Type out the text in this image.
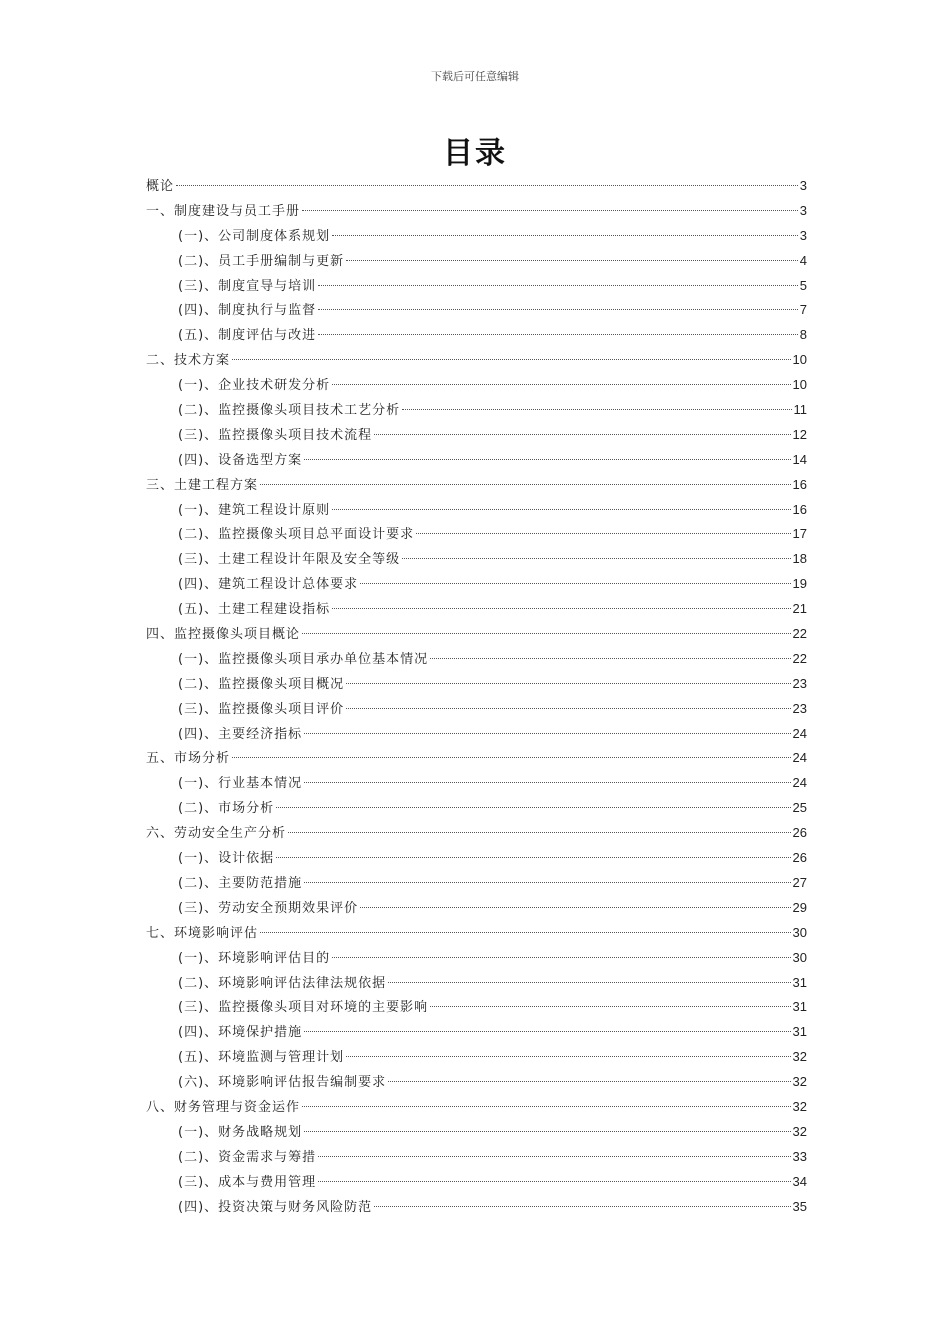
下载后可任意编辑
目录
概论	3
一、制度建设与员工手册	3
(一)、公司制度体系规划	3
(二)、员工手册编制与更新	4
(三)、制度宣导与培训	5
(四)、制度执行与监督	7
(五)、制度评估与改进	8
二、技术方案	10
(一)、企业技术研发分析	10
(二)、监控摄像头项目技术工艺分析	11
(三)、监控摄像头项目技术流程	12
(四)、设备选型方案	14
三、土建工程方案	16
(一)、建筑工程设计原则	16
(二)、监控摄像头项目总平面设计要求	17
(三)、土建工程设计年限及安全等级	18
(四)、建筑工程设计总体要求	19
(五)、土建工程建设指标	21
四、监控摄像头项目概论	22
(一)、监控摄像头项目承办单位基本情况	22
(二)、监控摄像头项目概况	23
(三)、监控摄像头项目评价	23
(四)、主要经济指标	24
五、市场分析	24
(一)、行业基本情况	24
(二)、市场分析	25
六、劳动安全生产分析	26
(一)、设计依据	26
(二)、主要防范措施	27
(三)、劳动安全预期效果评价	29
七、环境影响评估	30
(一)、环境影响评估目的	30
(二)、环境影响评估法律法规依据	31
(三)、监控摄像头项目对环境的主要影响	31
(四)、环境保护措施	31
(五)、环境监测与管理计划	32
(六)、环境影响评估报告编制要求	32
八、财务管理与资金运作	32
(一)、财务战略规划	32
(二)、资金需求与筹措	33
(三)、成本与费用管理	34
(四)、投资决策与财务风险防范	35
